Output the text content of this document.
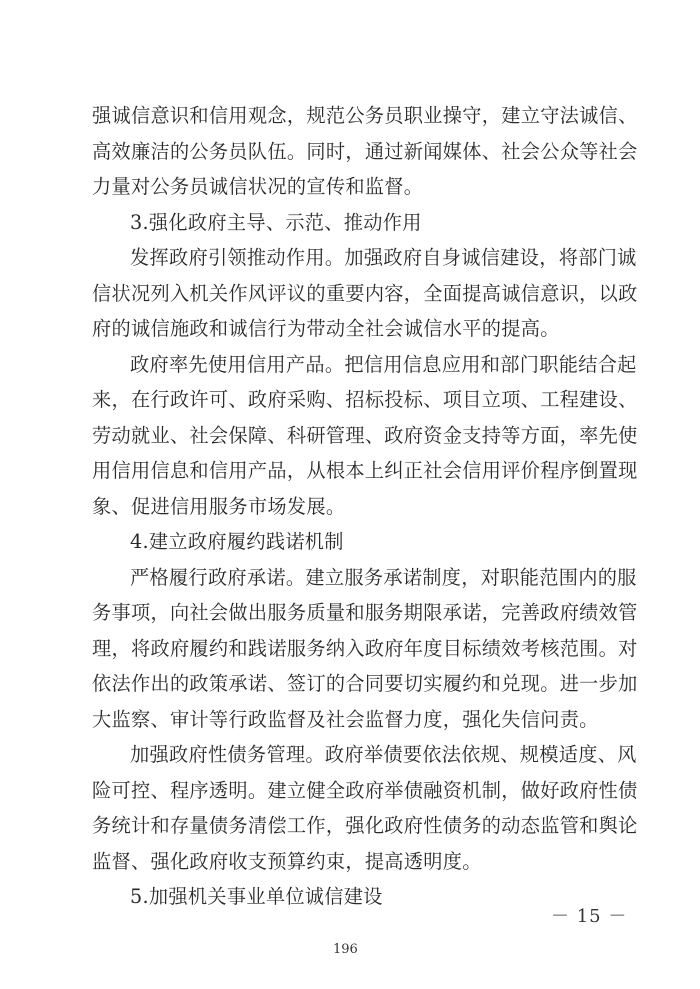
强诚信意识和信用观念，规范公务员职业操守，建立守法诚信、
高效廉洁的公务员队伍。同时，通过新闻媒体、社会公众等社会
力量对公务员诚信状况的宣传和监督。
3.强化政府主导、示范、推动作用
发挥政府引领推动作用。加强政府自身诚信建设，将部门诚
信状况列入机关作风评议的重要内容，全面提高诚信意识，以政
府的诚信施政和诚信行为带动全社会诚信水平的提高。
政府率先使用信用产品。把信用信息应用和部门职能结合起
来，在行政许可、政府采购、招标投标、项目立项、工程建设、
劳动就业、社会保障、科研管理、政府资金支持等方面，率先使
用信用信息和信用产品，从根本上纠正社会信用评价程序倒置现
象、促进信用服务市场发展。
4.建立政府履约践诺机制
严格履行政府承诺。建立服务承诺制度，对职能范围内的服
务事项，向社会做出服务质量和服务期限承诺，完善政府绩效管
理，将政府履约和践诺服务纳入政府年度目标绩效考核范围。对
依法作出的政策承诺、签订的合同要切实履约和兑现。进一步加
大监察、审计等行政监督及社会监督力度，强化失信问责。
加强政府性债务管理。政府举债要依法依规、规模适度、风
险可控、程序透明。建立健全政府举债融资机制，做好政府性债
务统计和存量债务清偿工作，强化政府性债务的动态监管和舆论
监督、强化政府收支预算约束，提高透明度。
5.加强机关事业单位诚信建设
－ 15 －
196
